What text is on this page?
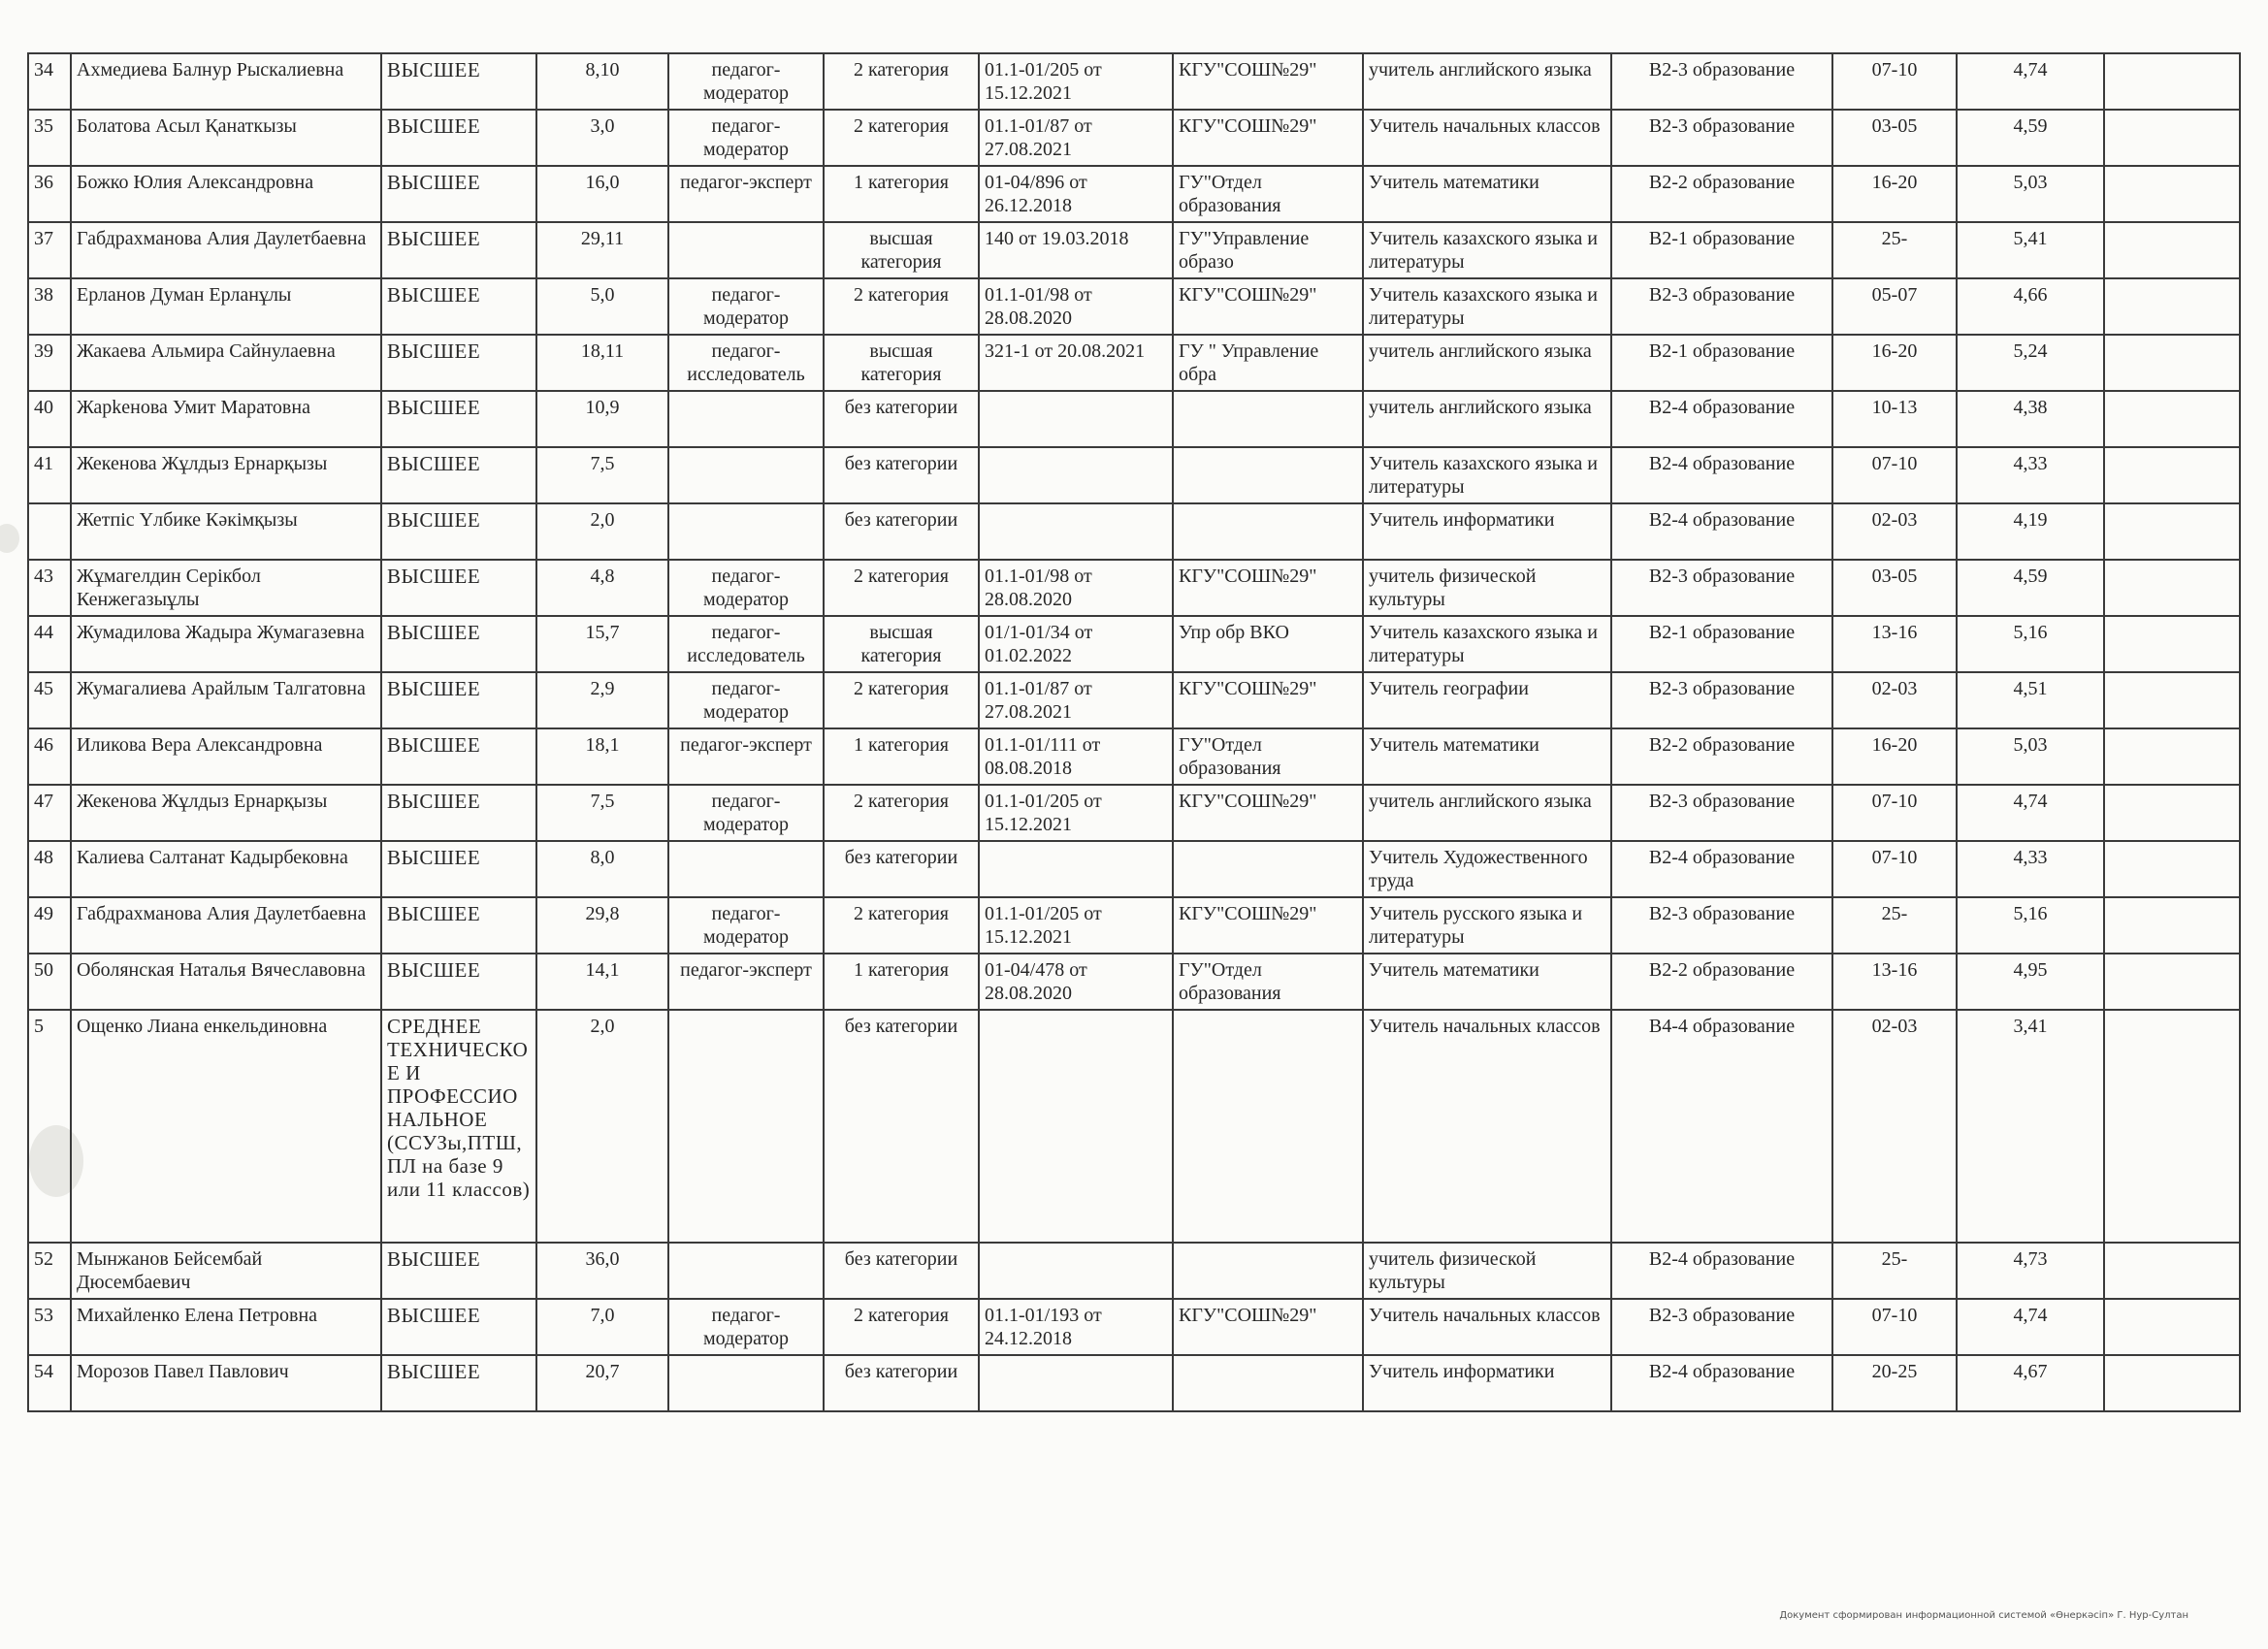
34	Ахмедиева Балнур Рыскалиевна	ВЫСШЕЕ	8,10	педагог-модератор	2 категория	01.1-01/205 от 15.12.2021	КГУ"СОШ№29"	учитель английского языка	В2-3 образование	07-10	4,74	
35	Болатова Асыл Қанаткызы	ВЫСШЕЕ	3,0	педагог-модератор	2 категория	01.1-01/87 от 27.08.2021	КГУ"СОШ№29"	Учитель начальных классов	В2-3 образование	03-05	4,59	
36	Божко Юлия Александровна	ВЫСШЕЕ	16,0	педагог-эксперт	1 категория	01-04/896 от 26.12.2018	ГУ"Отдел образования	Учитель математики	В2-2 образование	16-20	5,03	
37	Габдрахманова Алия Даулетбаевна	ВЫСШЕЕ	29,11		высшая категория	140 от 19.03.2018	ГУ"Управление образо	Учитель казахского языка и литературы	В2-1 образование	25-	5,41	
38	Ерланов Думан Ерланұлы	ВЫСШЕЕ	5,0	педагог-модератор	2 категория	01.1-01/98 от 28.08.2020	КГУ"СОШ№29"	Учитель казахского языка и литературы	В2-3 образование	05-07	4,66	
39	Жакаева Альмира Сайнулаевна	ВЫСШЕЕ	18,11	педагог-исследователь	высшая категория	321-1 от 20.08.2021	ГУ " Управление обра	учитель английского языка	В2-1 образование	16-20	5,24	
40	Жарkенова Умит Маратовна	ВЫСШЕЕ	10,9		без категории			учитель английского языка	В2-4 образование	10-13	4,38	
41	Жекенова Жұлдыз Ернарқызы	ВЫСШЕЕ	7,5		без категории			Учитель казахского языка и литературы	В2-4 образование	07-10	4,33	
	Жетпіс Үлбике Кәкімқызы	ВЫСШЕЕ	2,0		без категории			Учитель информатики	В2-4 образование	02-03	4,19	
43	Жұмагелдин Серікбол Кенжегазыұлы	ВЫСШЕЕ	4,8	педагог-модератор	2 категория	01.1-01/98 от 28.08.2020	КГУ"СОШ№29"	учитель физической культуры	В2-3 образование	03-05	4,59	
44	Жумадилова Жадыра Жумагазевна	ВЫСШЕЕ	15,7	педагог-исследователь	высшая категория	01/1-01/34 от 01.02.2022	Упр обр ВКО	Учитель казахского языка и литературы	В2-1 образование	13-16	5,16	
45	Жумагалиева Арайлым Талгатовна	ВЫСШЕЕ	2,9	педагог-модератор	2 категория	01.1-01/87 от 27.08.2021	КГУ"СОШ№29"	Учитель географии	В2-3 образование	02-03	4,51	
46	Иликова Вера Александровна	ВЫСШЕЕ	18,1	педагог-эксперт	1 категория	01.1-01/111 от 08.08.2018	ГУ"Отдел образования	Учитель математики	В2-2 образование	16-20	5,03	
47	Жекенова Жұлдыз Ернарқызы	ВЫСШЕЕ	7,5	педагог-модератор	2 категория	01.1-01/205 от 15.12.2021	КГУ"СОШ№29"	учитель английского языка	В2-3 образование	07-10	4,74	
48	Калиева Салтанат Кадырбековна	ВЫСШЕЕ	8,0		без категории			Учитель Художественного труда	В2-4 образование	07-10	4,33	
49	Габдрахманова Алия Даулетбаевна	ВЫСШЕЕ	29,8	педагог-модератор	2 категория	01.1-01/205 от 15.12.2021	КГУ"СОШ№29"	Учитель русского языка и литературы	В2-3 образование	25-	5,16	
50	Оболянская Наталья Вячеславовна	ВЫСШЕЕ	14,1	педагог-эксперт	1 категория	01-04/478 от 28.08.2020	ГУ"Отдел образования	Учитель математики	В2-2 образование	13-16	4,95	
5	Ощенко Лиана енкельдиновна	СРЕДНЕЕ ТЕХНИЧЕСКОЕ И ПРОФЕССИОНАЛЬНОЕ (ССУЗы,ПТШ, ПЛ на базе 9 или 11 классов)	2,0		без категории			Учитель начальных классов	В4-4 образование	02-03	3,41	
52	Мынжанов Бейсембай Дюсембаевич	ВЫСШЕЕ	36,0		без категории			учитель физической культуры	В2-4 образование	25-	4,73	
53	Михайленко Елена Петровна	ВЫСШЕЕ	7,0	педагог-модератор	2 категория	01.1-01/193 от 24.12.2018	КГУ"СОШ№29"	Учитель начальных классов	В2-3 образование	07-10	4,74	
54	Морозов Павел Павлович	ВЫСШЕЕ	20,7		без категории			Учитель информатики	В2-4 образование	20-25	4,67	
Документ сформирован информационной системой «Өнеркәсіп» Г. Нур-Султан
